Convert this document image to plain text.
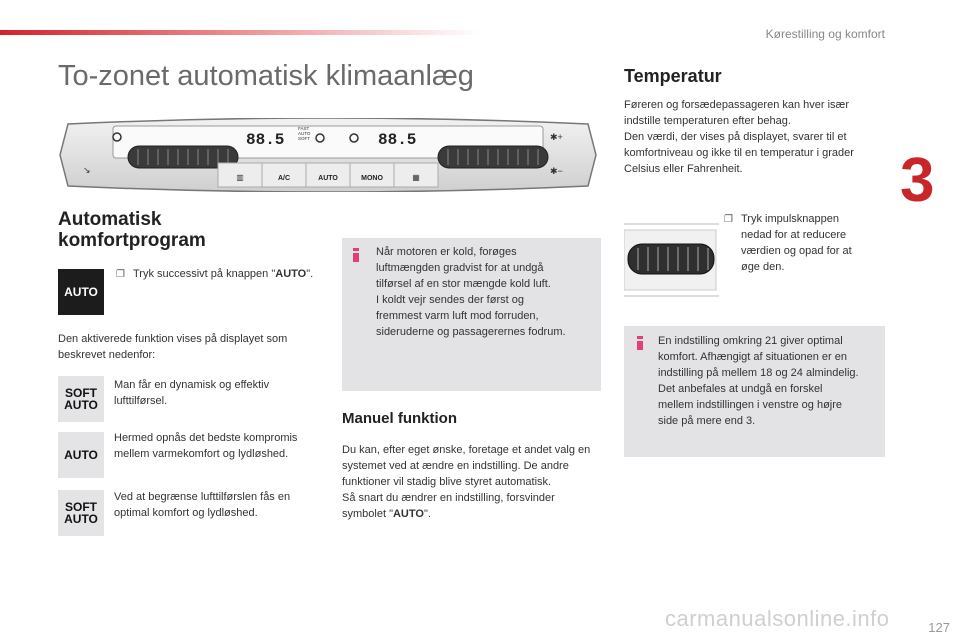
Kørestilling og komfort
3
To-zonet automatisk klimaanlæg
88.5	88.5
FAST
AUTO
SOFT	✱+
✱−
↘
▥	A/C	AUTO	MONO	▦
Automatisk
komfortprogram
AUTO
❐ Tryk successivt på knappen "AUTO".
Den aktiverede funktion vises på displayet som beskrevet nedenfor:
SOFT
AUTO
Man får en dynamisk og effektiv lufttilførsel.
AUTO
Hermed opnås det bedste kompromis mellem varmekomfort og lydløshed.
SOFT
AUTO
Ved at begrænse lufttilførslen fås en optimal komfort og lydløshed.

Når motoren er kold, forøges

luftmængden gradvist for at undgå

tilførsel af en stor mængde kold luft.

I koldt vejr sendes der først og

fremmest varm luft mod forruden,

sideruderne og passagerernes fodrum.

Manuel funktion

Du kan, efter eget ønske, foretage et andet valg en systemet ved at ændre en indstilling. De andre funktioner vil stadig blive styret automatisk.

Så snart du ændrer en indstilling, forsvinder symbolet "AUTO".

Temperatur

Føreren og forsædepassageren kan hver især

indstille temperaturen efter behag.

Den værdi, der vises på displayet, svarer til et

komfortniveau og ikke til en temperatur i grader

Celsius eller Fahrenheit.

❐ Tryk impulsknappen
nedad for at reducere
værdien og opad for at
øge den.

En indstilling omkring 21 giver optimal

komfort. Afhængigt af situationen er en

indstilling på mellem 18 og 24 almindelig.

Det anbefales at undgå en forskel

mellem indstillingen i venstre og højre

side på mere end 3.

carmanualsonline.info	127
